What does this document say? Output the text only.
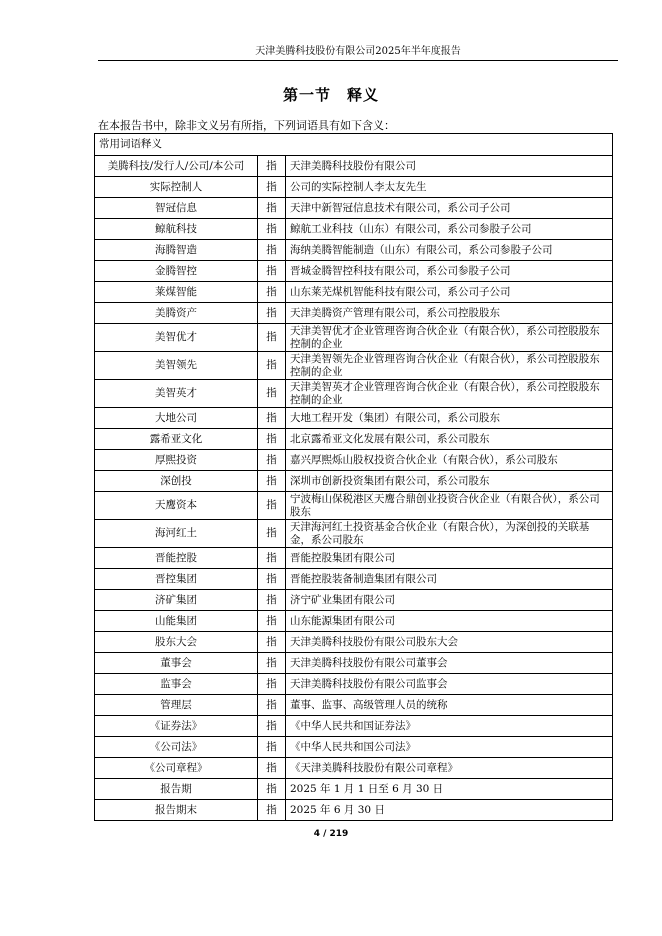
天津美腾科技股份有限公司2025年半年度报告
第一节　释义
在本报告书中，除非文义另有所指，下列词语具有如下含义：
常用词语释义		
美腾科技/发行人/公司/本公司	指	天津美腾科技股份有限公司
实际控制人	指	公司的实际控制人李太友先生
智冠信息	指	天津中新智冠信息技术有限公司，系公司子公司
鲸航科技	指	鲸航工业科技（山东）有限公司，系公司参股子公司
海腾智造	指	海纳美腾智能制造（山东）有限公司，系公司参股子公司
金腾智控	指	晋城金腾智控科技有限公司，系公司参股子公司
莱煤智能	指	山东莱芜煤机智能科技有限公司，系公司子公司
美腾资产	指	天津美腾资产管理有限公司，系公司控股股东
美智优才	指	天津美智优才企业管理咨询合伙企业（有限合伙），系公司控股股东控制的企业
美智领先	指	天津美智领先企业管理咨询合伙企业（有限合伙），系公司控股股东控制的企业
美智英才	指	天津美智英才企业管理咨询合伙企业（有限合伙），系公司控股股东控制的企业
大地公司	指	大地工程开发（集团）有限公司，系公司股东
露希亚文化	指	北京露希亚文化发展有限公司，系公司股东
厚熙投资	指	嘉兴厚熙烁山股权投资合伙企业（有限合伙），系公司股东
深创投	指	深圳市创新投资集团有限公司，系公司股东
天鹰资本	指	宁波梅山保税港区天鹰合鼎创业投资合伙企业（有限合伙），系公司股东
海河红土	指	天津海河红土投资基金合伙企业（有限合伙），为深创投的关联基金，系公司股东
晋能控股	指	晋能控股集团有限公司
晋控集团	指	晋能控股装备制造集团有限公司
济矿集团	指	济宁矿业集团有限公司
山能集团	指	山东能源集团有限公司
股东大会	指	天津美腾科技股份有限公司股东大会
董事会	指	天津美腾科技股份有限公司董事会
监事会	指	天津美腾科技股份有限公司监事会
管理层	指	董事、监事、高级管理人员的统称
《证券法》	指	《中华人民共和国证券法》
《公司法》	指	《中华人民共和国公司法》
《公司章程》	指	《天津美腾科技股份有限公司章程》
报告期	指	2025 年 1 月 1 日至 6 月 30 日
报告期末	指	2025 年 6 月 30 日
4 / 219
